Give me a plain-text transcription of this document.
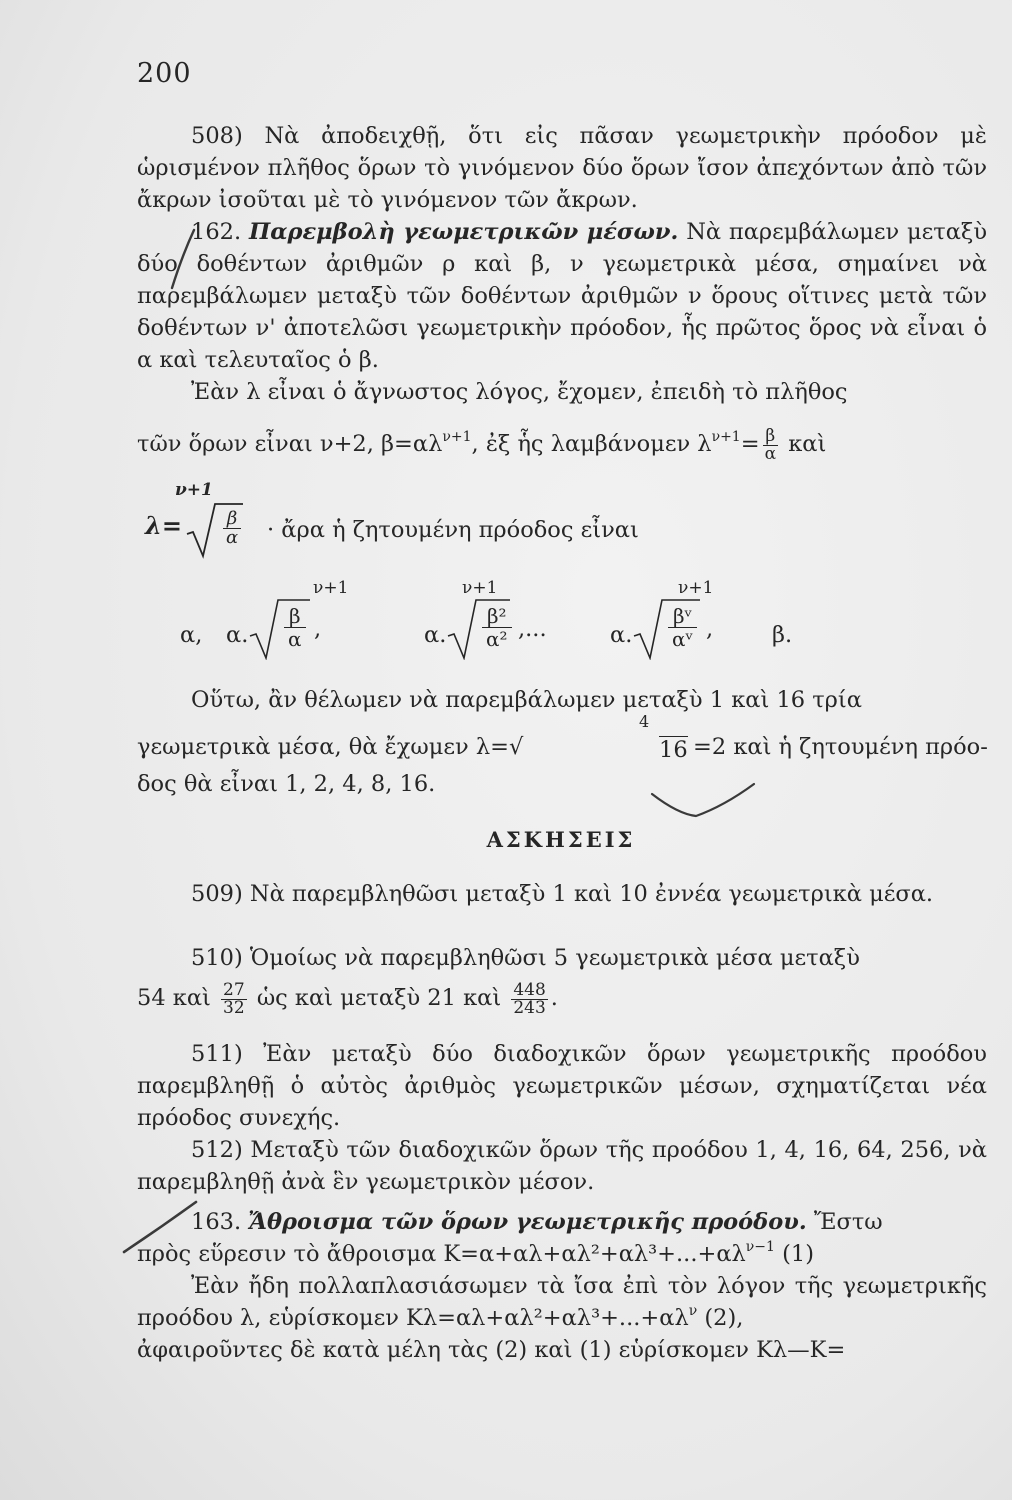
200

508) Νὰ ἀποδειχθῇ, ὅτι εἰς πᾶσαν γεωμετρικὴν πρόοδον μὲ ὡρισμένον πλῆθος ὅρων τὸ γινόμενον δύο ὅρων ἴσον ἀπεχόντων ἀπὸ τῶν ἄκρων ἰσοῦται μὲ τὸ γινόμενον τῶν ἄκρων.

162. Παρεμβολὴ γεωμετρικῶν μέσων. Νὰ παρεμβάλωμεν μεταξὺ δύο δοθέντων ἀριθμῶν ρ καὶ β, ν γεωμετρικὰ μέσα, σημαίνει νὰ παρεμβάλωμεν μεταξὺ τῶν δοθέντων ἀριθμῶν ν ὅρους οἵτινες μετὰ τῶν δοθέντων ν' ἀποτελῶσι γεωμετρικὴν πρόοδον, ἧς πρῶτος ὅρος νὰ εἶναι ὁ α καὶ τελευταῖος ὁ β.

Ἐὰν λ εἶναι ὁ ἄγνωστος λόγος, ἔχομεν, ἐπειδὴ τὸ πλῆθος

τῶν ὅρων εἶναι ν+2, $\beta=\alpha\lambda^{\nu+1}$, ἐξ ἧς λαμβάνομεν $\lambda^{\nu+1}= \frac{\beta}{\alpha}$ καὶ
ν+1
$\lambda= \frac{\beta}{\alpha}$ · ἄρα ἡ ζητουμένη πρόοδος εἶναι
α, α.
ν+1
$\frac{\beta}{\alpha}$ ,	α.
ν+1
$\frac{\text{β²}}{\text{α²}}$ ,...	α.
ν+1
$\frac{\text{βᵛ}}{\text{αᵛ}}$ ,	β.

Οὕτω, ἂν θέλωμεν νὰ παρεμβάλωμεν μεταξὺ 1 καὶ 16 τρία

4
γεωμετρικὰ μέσα, θὰ ἔχωμεν λ=√	16 =2 καὶ ἡ ζητουμένη πρόο-

δος θὰ εἶναι 1, 2, 4, 8, 16.

ΑΣΚΗΣΕΙΣ

509) Νὰ παρεμβληθῶσι μεταξὺ 1 καὶ 10 ἐννέα γεωμετρικὰ μέσα.

510) Ὁμοίως νὰ παρεμβληθῶσι 5 γεωμετρικὰ μέσα μεταξὺ

54 καὶ $\frac{27}{32}$ ὡς καὶ μεταξὺ 21 καὶ $\frac{448}{243}$ .

511) Ἐὰν μεταξὺ δύο διαδοχικῶν ὅρων γεωμετρικῆς προόδου παρεμβληθῇ ὁ αὐτὸς ἀριθμὸς γεωμετρικῶν μέσων, σχηματίζεται νέα πρόοδος συνεχής.

512) Μεταξὺ τῶν διαδοχικῶν ὅρων τῆς προόδου 1, 4, 16, 64, 256, νὰ παρεμβληθῇ ἀνὰ ἓν γεωμετρικὸν μέσον.

163. Ἄθροισμα τῶν ὅρων γεωμετρικῆς προόδου. Ἔστω

πρὸς εὕρεσιν τὸ ἄθροισμα $K=\alpha+\alpha\lambda+\alpha\lambda^2+\alpha\lambda^3+...+\alpha\lambda^{\nu-1}$ (1)

Ἐὰν ἤδη πολλαπλασιάσωμεν τὰ ἴσα ἐπὶ τὸν λόγον τῆς γεωμετρικῆς προόδου λ, εὑρίσκομεν $K\lambda=\alpha\lambda+\alpha\lambda^2+\alpha\lambda^3+...+\alpha\lambda^\nu$ (2),

ἀφαιροῦντες δὲ κατὰ μέλη τὰς (2) καὶ (1) εὑρίσκομεν Κλ—Κ=
